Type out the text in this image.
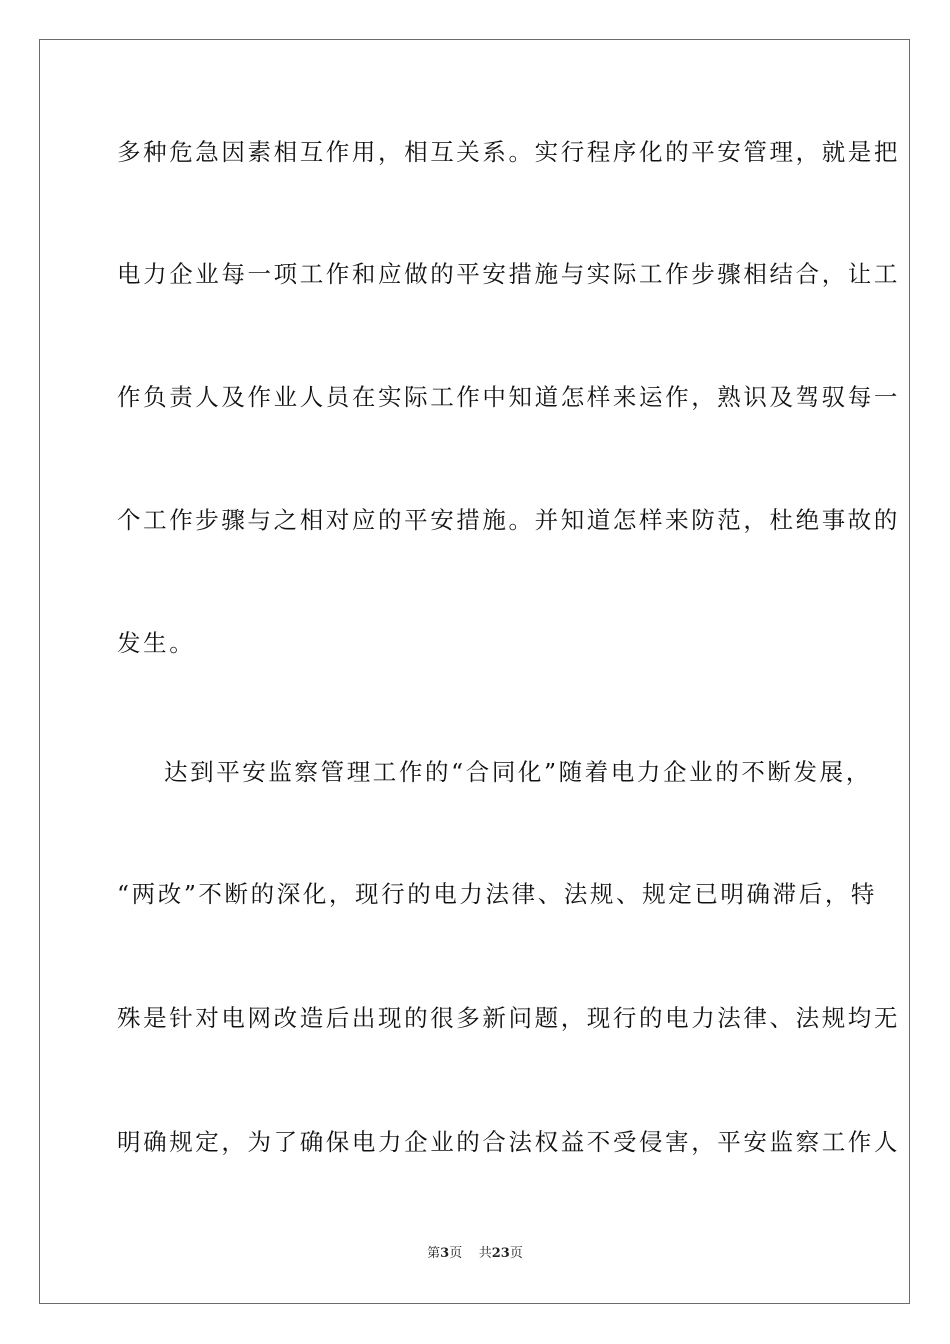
多种危急因素相互作用，相互关系。实行程序化的平安管理，就是把

电力企业每一项工作和应做的平安措施与实际工作步骤相结合，让工

作负责人及作业人员在实际工作中知道怎样来运作，熟识及驾驭每一

个工作步骤与之相对应的平安措施。并知道怎样来防范，杜绝事故的

发生。

达到平安监察管理工作的“合同化”随着电力企业的不断发展，

“两改”不断的深化，现行的电力法律、法规、规定已明确滞后，特

殊是针对电网改造后出现的很多新问题，现行的电力法律、法规均无

明确规定，为了确保电力企业的合法权益不受侵害，平安监察工作人

第3页 共23页
